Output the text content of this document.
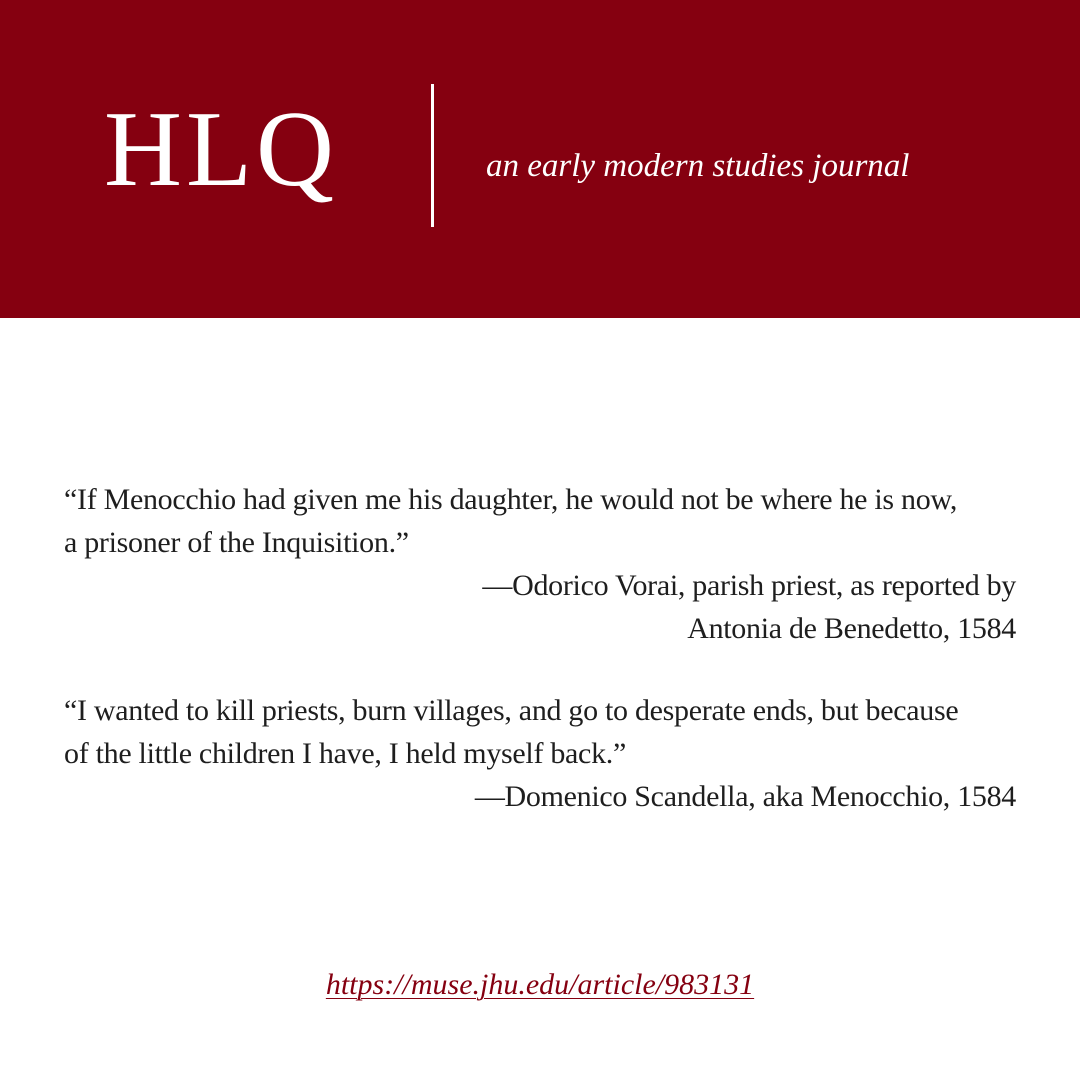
HLQ	an early modern studies journal

“If Menocchio had given me his daughter, he would not be where he is now,
a prisoner of the Inquisition.”

—Odorico Vorai, parish priest, as reported by
Antonia de Benedetto, 1584

“I wanted to kill priests, burn villages, and go to desperate ends, but because
of the little children I have, I held myself back.”

—Domenico Scandella, aka Menocchio, 1584

https://muse.jhu.edu/article/983131
